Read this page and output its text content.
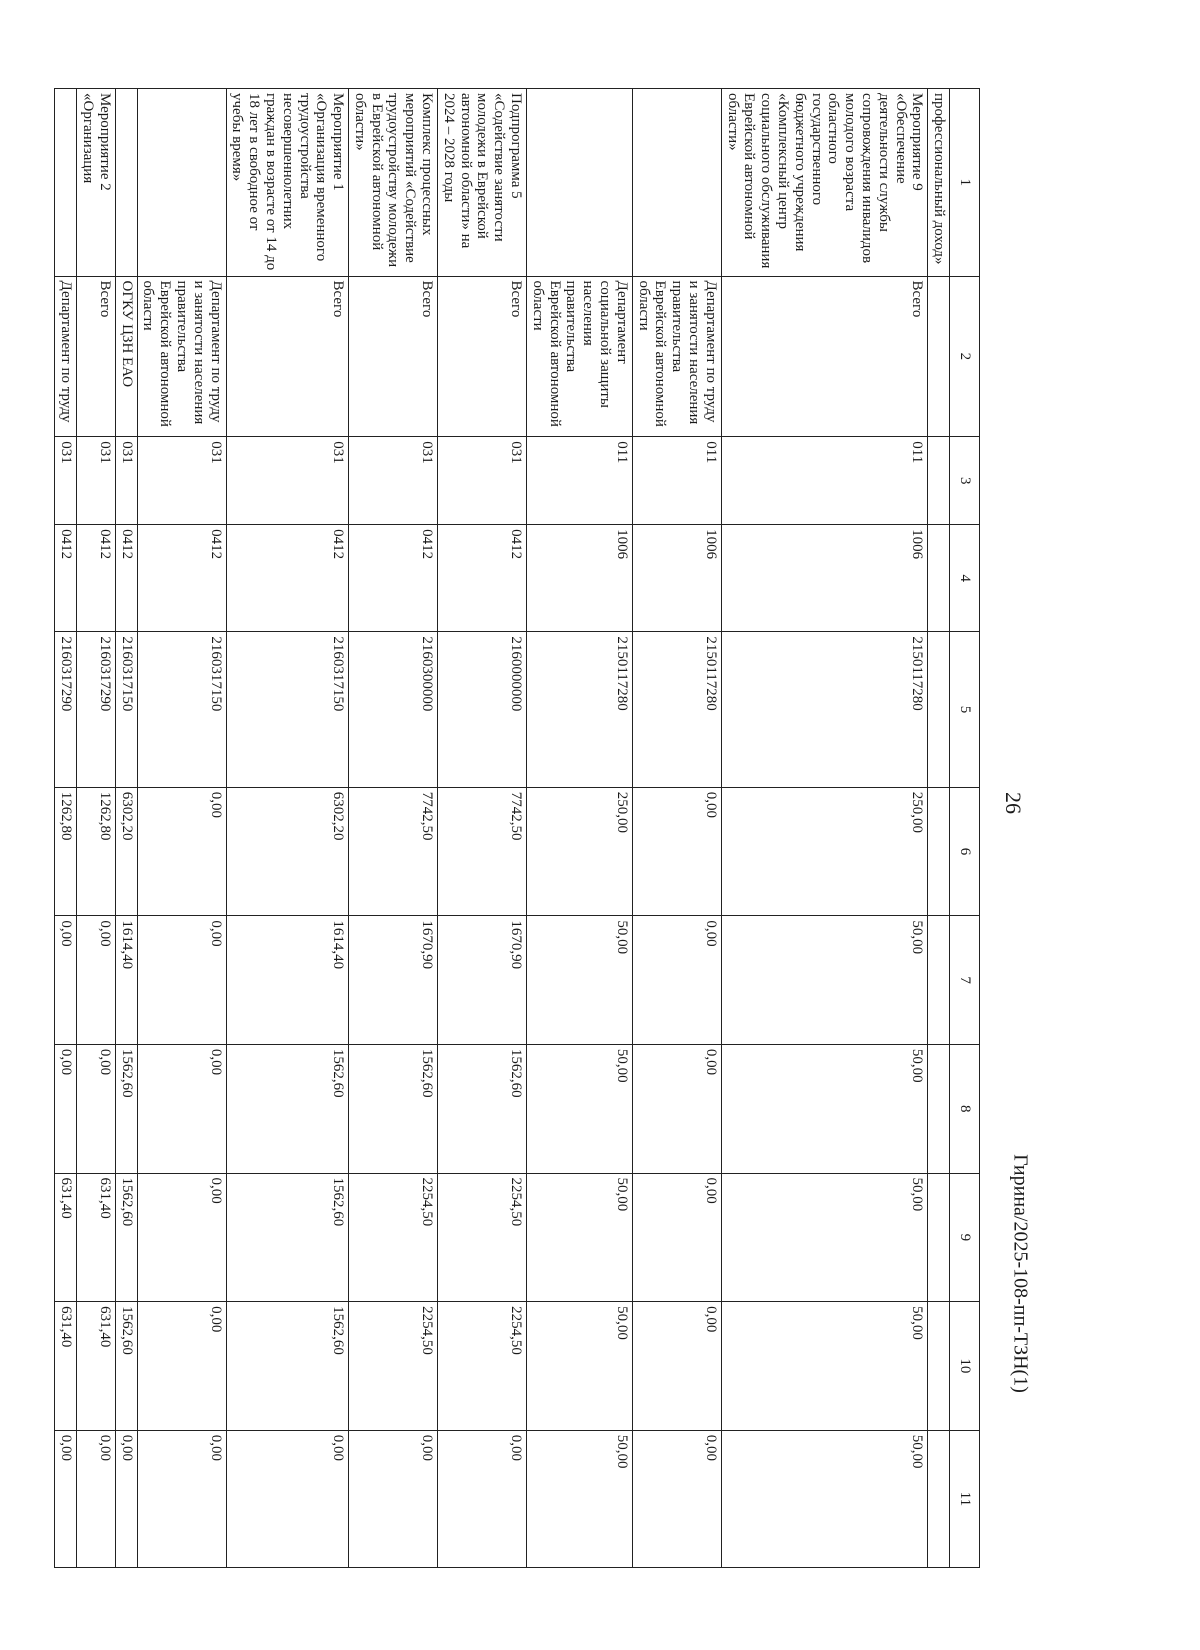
26
Гирина/2025-108-пп-ТЗН(1)
1	2	3	4	5	6	7	8	9	10	11
профессиональный доход»										
Мероприятие 9 «Обеспечение деятельности службы сопровождения инвалидов молодого возраста областного государственного бюджетного учреждения «Комплексный центр социального обслуживания Еврейской автономной области»	Всего	011	1006	2150117280	250,00	50,00	50,00	50,00	50,00	50,00
	Департамент по труду и занятости населения правительства Еврейской автономной области	011	1006	2150117280	0,00	0,00	0,00	0,00	0,00	0,00
	Департамент социальной защиты населения правительства Еврейской автономной области	011	1006	2150117280	250,00	50,00	50,00	50,00	50,00	50,00
Подпрограмма 5 «Содействие занятости молодежи в Еврейской автономной области» на 2024 – 2028 годы	Всего	031	0412	2160000000	7742,50	1670,90	1562,60	2254,50	2254,50	0,00
Комплекс процессных мероприятий «Содействие трудоустройству молодежи в Еврейской автономной области»	Всего	031	0412	2160300000	7742,50	1670,90	1562,60	2254,50	2254,50	0,00
Мероприятие 1 «Организация временного трудоустройства несовершеннолетних граждан в возрасте от 14 до 18 лет в свободное от учебы время»	Всего	031	0412	2160317150	6302,20	1614,40	1562,60	1562,60	1562,60	0,00
	Департамент по труду и занятости населения правительства Еврейской автономной области	031	0412	2160317150	0,00	0,00	0,00	0,00	0,00	0,00
	ОГКУ ЦЗН ЕАО	031	0412	2160317150	6302,20	1614,40	1562,60	1562,60	1562,60	0,00
Мероприятие 2 «Организация	Всего	031	0412	2160317290	1262,80	0,00	0,00	631,40	631,40	0,00
	Департамент по труду	031	0412	2160317290	1262,80	0,00	0,00	631,40	631,40	0,00
